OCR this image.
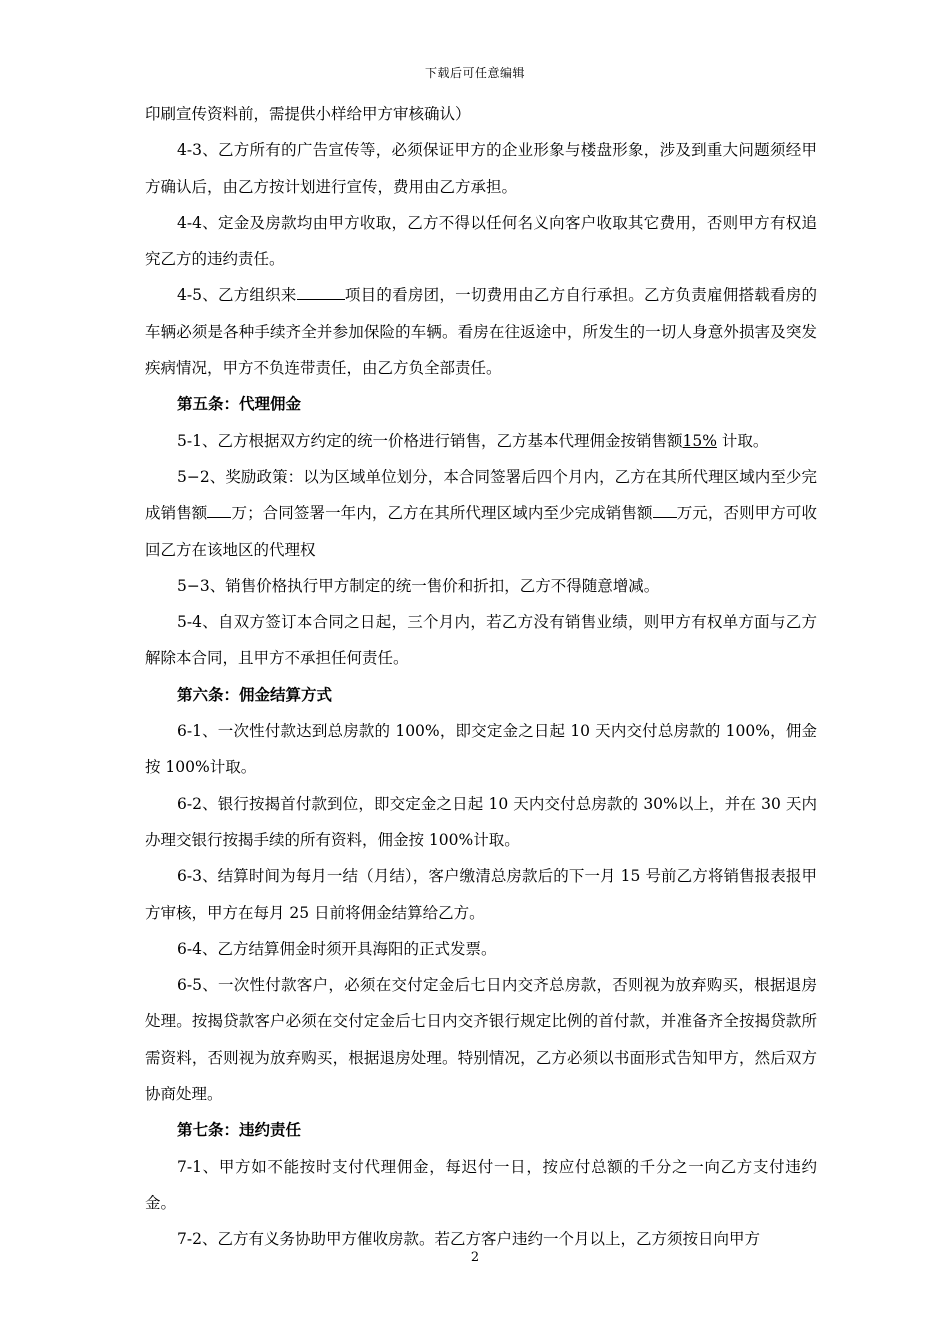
下载后可任意编辑

印刷宣传资料前，需提供小样给甲方审核确认）

4-3、乙方所有的广告宣传等，必须保证甲方的企业形象与楼盘形象，涉及到重大问题须经甲方确认后，由乙方按计划进行宣传，费用由乙方承担。

4-4、定金及房款均由甲方收取，乙方不得以任何名义向客户收取其它费用，否则甲方有权追究乙方的违约责任。

4-5、乙方组织来	项目的看房团，一切费用由乙方自行承担。乙方负责雇佣搭载看房的车辆必须是各种手续齐全并参加保险的车辆。看房在往返途中，所发生的一切人身意外损害及突发疾病情况，甲方不负连带责任，由乙方负全部责任。

第五条：代理佣金

5-1、乙方根据双方约定的统一价格进行销售，乙方基本代理佣金按销售额15% 计取。

5−2、奖励政策：以为区域单位划分，本合同签署后四个月内，乙方在其所代理区域内至少完成销售额 万；合同签署一年内，乙方在其所代理区域内至少完成销售额 万元，否则甲方可收回乙方在该地区的代理权

5−3、销售价格执行甲方制定的统一售价和折扣，乙方不得随意增减。

5-4、自双方签订本合同之日起，三个月内，若乙方没有销售业绩，则甲方有权单方面与乙方解除本合同，且甲方不承担任何责任。

第六条：佣金结算方式

6-1、一次性付款达到总房款的 100%，即交定金之日起 10 天内交付总房款的 100%，佣金按 100%计取。

6-2、银行按揭首付款到位，即交定金之日起 10 天内交付总房款的 30%以上，并在 30 天内办理交银行按揭手续的所有资料，佣金按 100%计取。

6-3、结算时间为每月一结（月结），客户缴清总房款后的下一月 15 号前乙方将销售报表报甲方审核，甲方在每月 25 日前将佣金结算给乙方。

6-4、乙方结算佣金时须开具海阳的正式发票。

6-5、一次性付款客户，必须在交付定金后七日内交齐总房款，否则视为放弃购买，根据退房处理。按揭贷款客户必须在交付定金后七日内交齐银行规定比例的首付款，并准备齐全按揭贷款所需资料，否则视为放弃购买，根据退房处理。特别情况，乙方必须以书面形式告知甲方，然后双方协商处理。

第七条：违约责任

7-1、甲方如不能按时支付代理佣金，每迟付一日，按应付总额的千分之一向乙方支付违约金。

7-2、乙方有义务协助甲方催收房款。若乙方客户违约一个月以上，乙方须按日向甲方

2
